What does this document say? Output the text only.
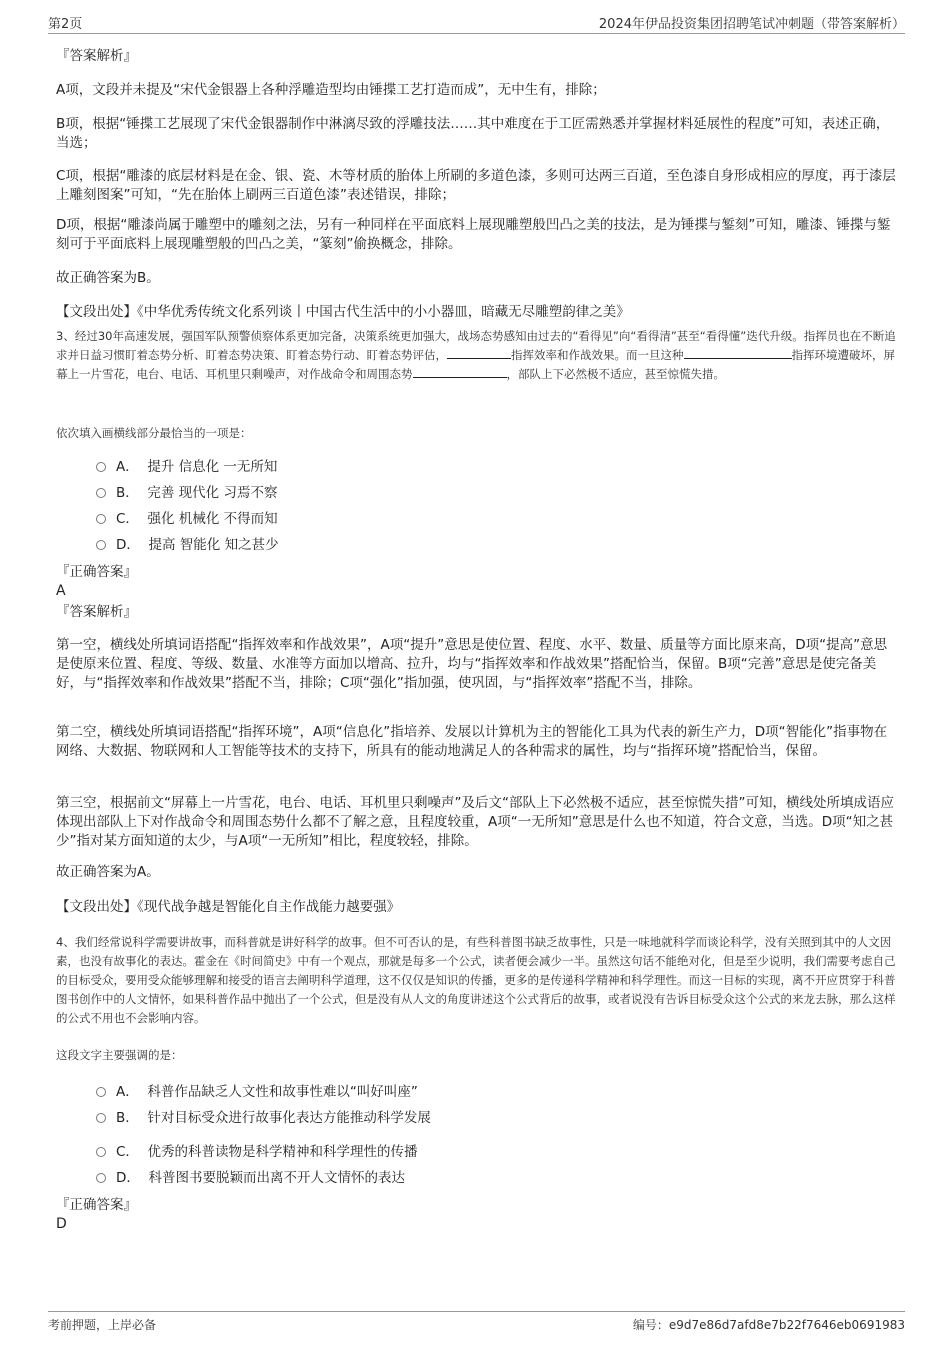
第2页	2024年伊品投资集团招聘笔试冲刺题（带答案解析）
『答案解析』
A项，文段并未提及“宋代金银器上各种浮雕造型均由锤揲工艺打造而成”，无中生有，排除；
B项，根据“锤揲工艺展现了宋代金银器制作中淋漓尽致的浮雕技法……其中难度在于工匠需熟悉并掌握材料延展性的程度”可知，表述正确，当选；
C项，根据“雕漆的底层材料是在金、银、瓷、木等材质的胎体上所刷的多道色漆，多则可达两三百道，至色漆自身形成相应的厚度，再于漆层上雕刻图案”可知，“先在胎体上刷两三百道色漆”表述错误，排除；
D项，根据“雕漆尚属于雕塑中的雕刻之法，另有一种同样在平面底料上展现雕塑般凹凸之美的技法，是为锤揲与錾刻”可知，雕漆、锤揲与錾刻可于平面底料上展现雕塑般的凹凸之美，“篆刻”偷换概念，排除。
故正确答案为B。
【文段出处】《中华优秀传统文化系列谈丨中国古代生活中的小小器皿，暗藏无尽雕塑韵律之美》
3、经过30年高速发展，强国军队预警侦察体系更加完备，决策系统更加强大，战场态势感知由过去的“看得见”向“看得清”甚至“看得懂”迭代升级。指挥员也在不断追求并日益习惯盯着态势分析、盯着态势决策、盯着态势行动、盯着态势评估，	指挥效率和作战效果。而一旦这种	指挥环境遭破坏，屏幕上一片雪花，电台、电话、耳机里只剩噪声，对作战命令和周围态势	，部队上下必然极不适应，甚至惊慌失措。
依次填入画横线部分最恰当的一项是：
A． 提升 信息化 一无所知
B． 完善 现代化 习焉不察
C． 强化 机械化 不得而知
D． 提高 智能化 知之甚少
『正确答案』
A
『答案解析』
第一空，横线处所填词语搭配“指挥效率和作战效果”，A项“提升”意思是使位置、程度、水平、数量、质量等方面比原来高，D项“提高”意思是使原来位置、程度、等级、数量、水准等方面加以增高、拉升，均与“指挥效率和作战效果”搭配恰当，保留。B项“完善”意思是使完备美好，与“指挥效率和作战效果”搭配不当，排除；C项“强化”指加强，使巩固，与“指挥效率”搭配不当，排除。
第二空，横线处所填词语搭配“指挥环境”，A项“信息化”指培养、发展以计算机为主的智能化工具为代表的新生产力，D项“智能化”指事物在网络、大数据、物联网和人工智能等技术的支持下，所具有的能动地满足人的各种需求的属性，均与“指挥环境”搭配恰当，保留。
第三空，根据前文“屏幕上一片雪花，电台、电话、耳机里只剩噪声”及后文“部队上下必然极不适应，甚至惊慌失措”可知，横线处所填成语应体现出部队上下对作战命令和周围态势什么都不了解之意，且程度较重，A项“一无所知”意思是什么也不知道，符合文意，当选。D项“知之甚少”指对某方面知道的太少，与A项“一无所知”相比，程度较轻，排除。
故正确答案为A。
【文段出处】《现代战争越是智能化自主作战能力越要强》
4、我们经常说科学需要讲故事，而科普就是讲好科学的故事。但不可否认的是，有些科普图书缺乏故事性，只是一味地就科学而谈论科学，没有关照到其中的人文因素，也没有故事化的表达。霍金在《时间简史》中有一个观点，那就是每多一个公式，读者便会减少一半。虽然这句话不能绝对化，但是至少说明，我们需要考虑自己的目标受众，要用受众能够理解和接受的语言去阐明科学道理，这不仅仅是知识的传播，更多的是传递科学精神和科学理性。而这一目标的实现，离不开应贯穿于科普图书创作中的人文情怀，如果科普作品中抛出了一个公式，但是没有从人文的角度讲述这个公式背后的故事，或者说没有告诉目标受众这个公式的来龙去脉，那么这样的公式不用也不会影响内容。
这段文字主要强调的是：
A． 科普作品缺乏人文性和故事性难以“叫好叫座”
B． 针对目标受众进行故事化表达方能推动科学发展
C． 优秀的科普读物是科学精神和科学理性的传播
D． 科普图书要脱颖而出离不开人文情怀的表达
『正确答案』
D
考前押题，上岸必备	编号：e9d7e86d7afd8e7b22f7646eb0691983
